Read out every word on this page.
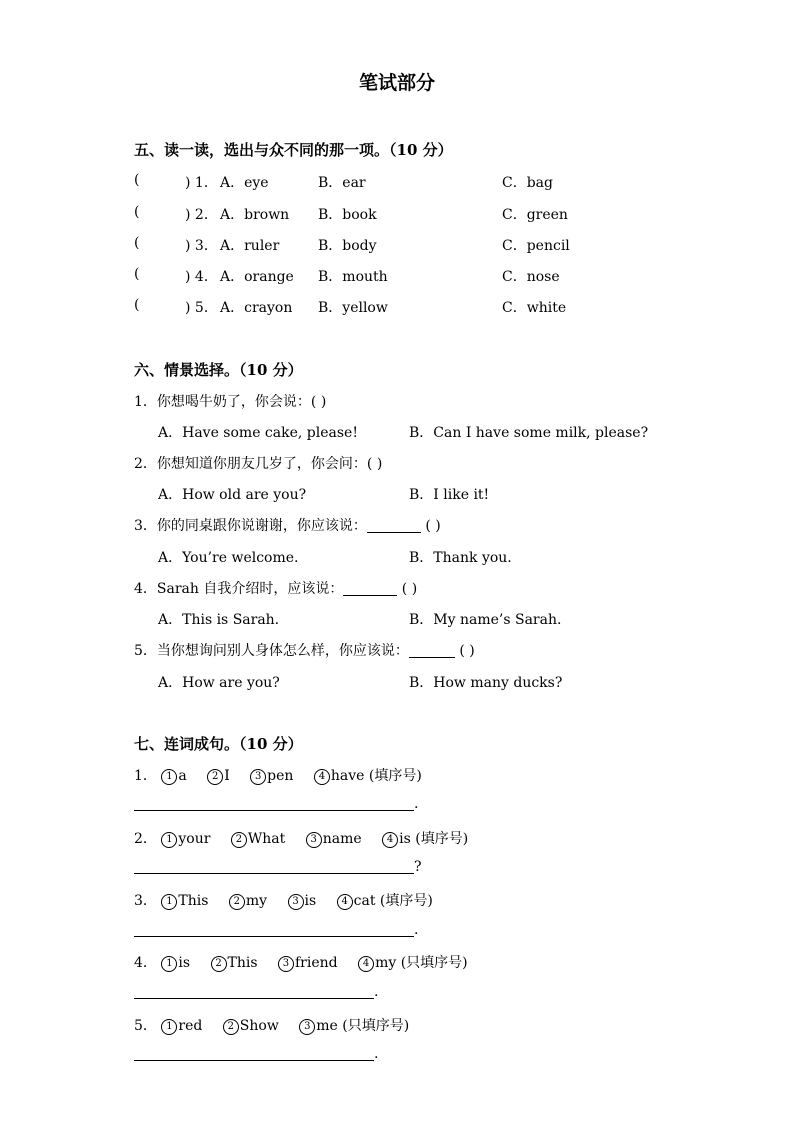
笔试部分
五、读一读，选出与众不同的那一项。（10 分）
(	) 1． A．eye	B．ear	C．bag
(	) 2． A．brown B．book	C．green
(	) 3． A．ruler	B．body	C．pencil
(	) 4． A．orange B．mouth	C．nose
(	) 5． A．crayon B．yellow	C．white
六、情景选择。（10 分）
1．你想喝牛奶了，你会说：( )
A．Have some cake, please!	B．Can I have some milk, please?
2．你想知道你朋友几岁了，你会问：( )
A．How old are you?	B．I like it!
3．你的同桌跟你说谢谢，你应该说：	( )
A．You’re welcome.	B．Thank you.
4．Sarah 自我介绍时，应该说：	( )
A．This is Sarah.	B．My name’s Sarah.
5．当你想询问别人身体怎么样，你应该说：	( )
A．How are you?	B．How many ducks?
七、连词成句。（10 分）
1． 1 a	2 I	3 pen	4 have (填序号)
.
2． 1 your	2 What	3 name	4 is (填序号)
?
3． 1 This	2 my	3 is	4 cat (填序号)
.
4． 1 is	2 This	3 friend	4 my (只填序号)
.
5． 1 red	2 Show	3 me (只填序号)
.
